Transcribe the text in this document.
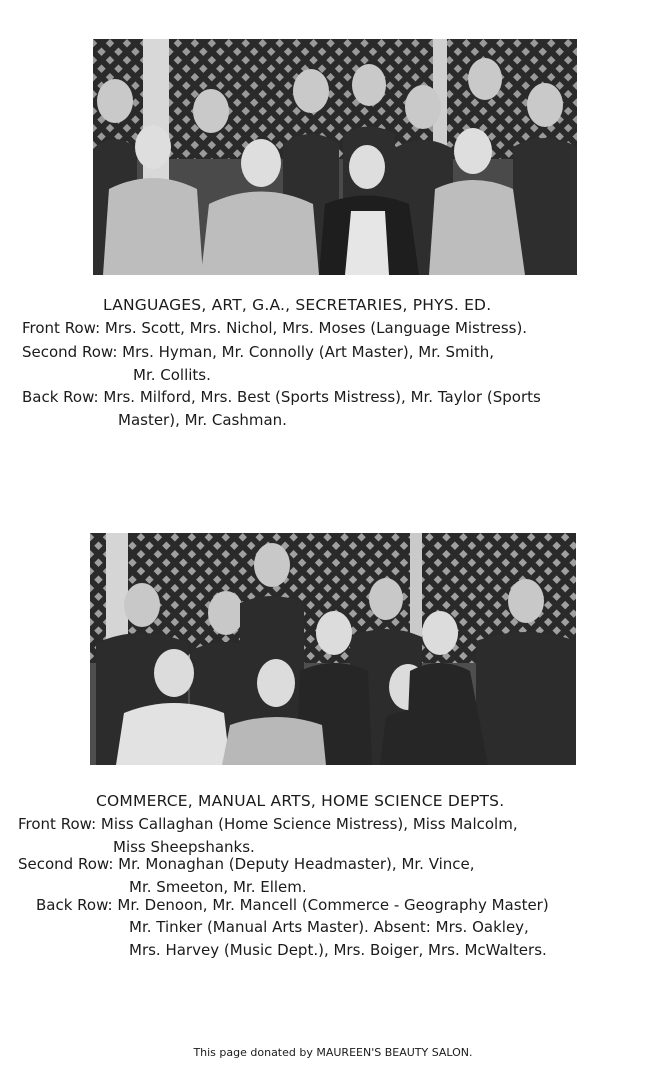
LANGUAGES, ART, G.A., SECRETARIES, PHYS. ED.
Front Row: Mrs. Scott, Mrs. Nichol, Mrs. Moses (Language Mistress).
Second Row: Mrs. Hyman, Mr. Connolly (Art Master), Mr. Smith,
Mr. Collits.
Back Row: Mrs. Milford, Mrs. Best (Sports Mistress), Mr. Taylor (Sports
Master), Mr. Cashman.
COMMERCE, MANUAL ARTS, HOME SCIENCE DEPTS.
Front Row: Miss Callaghan (Home Science Mistress), Miss Malcolm,
Miss Sheepshanks.
Second Row: Mr. Monaghan (Deputy Headmaster), Mr. Vince,
Mr. Smeeton, Mr. Ellem.
Back Row: Mr. Denoon, Mr. Mancell (Commerce - Geography Master)
Mr. Tinker (Manual Arts Master). Absent: Mrs. Oakley,
Mrs. Harvey (Music Dept.), Mrs. Boiger, Mrs. McWalters.
This page donated by MAUREEN'S BEAUTY SALON.
